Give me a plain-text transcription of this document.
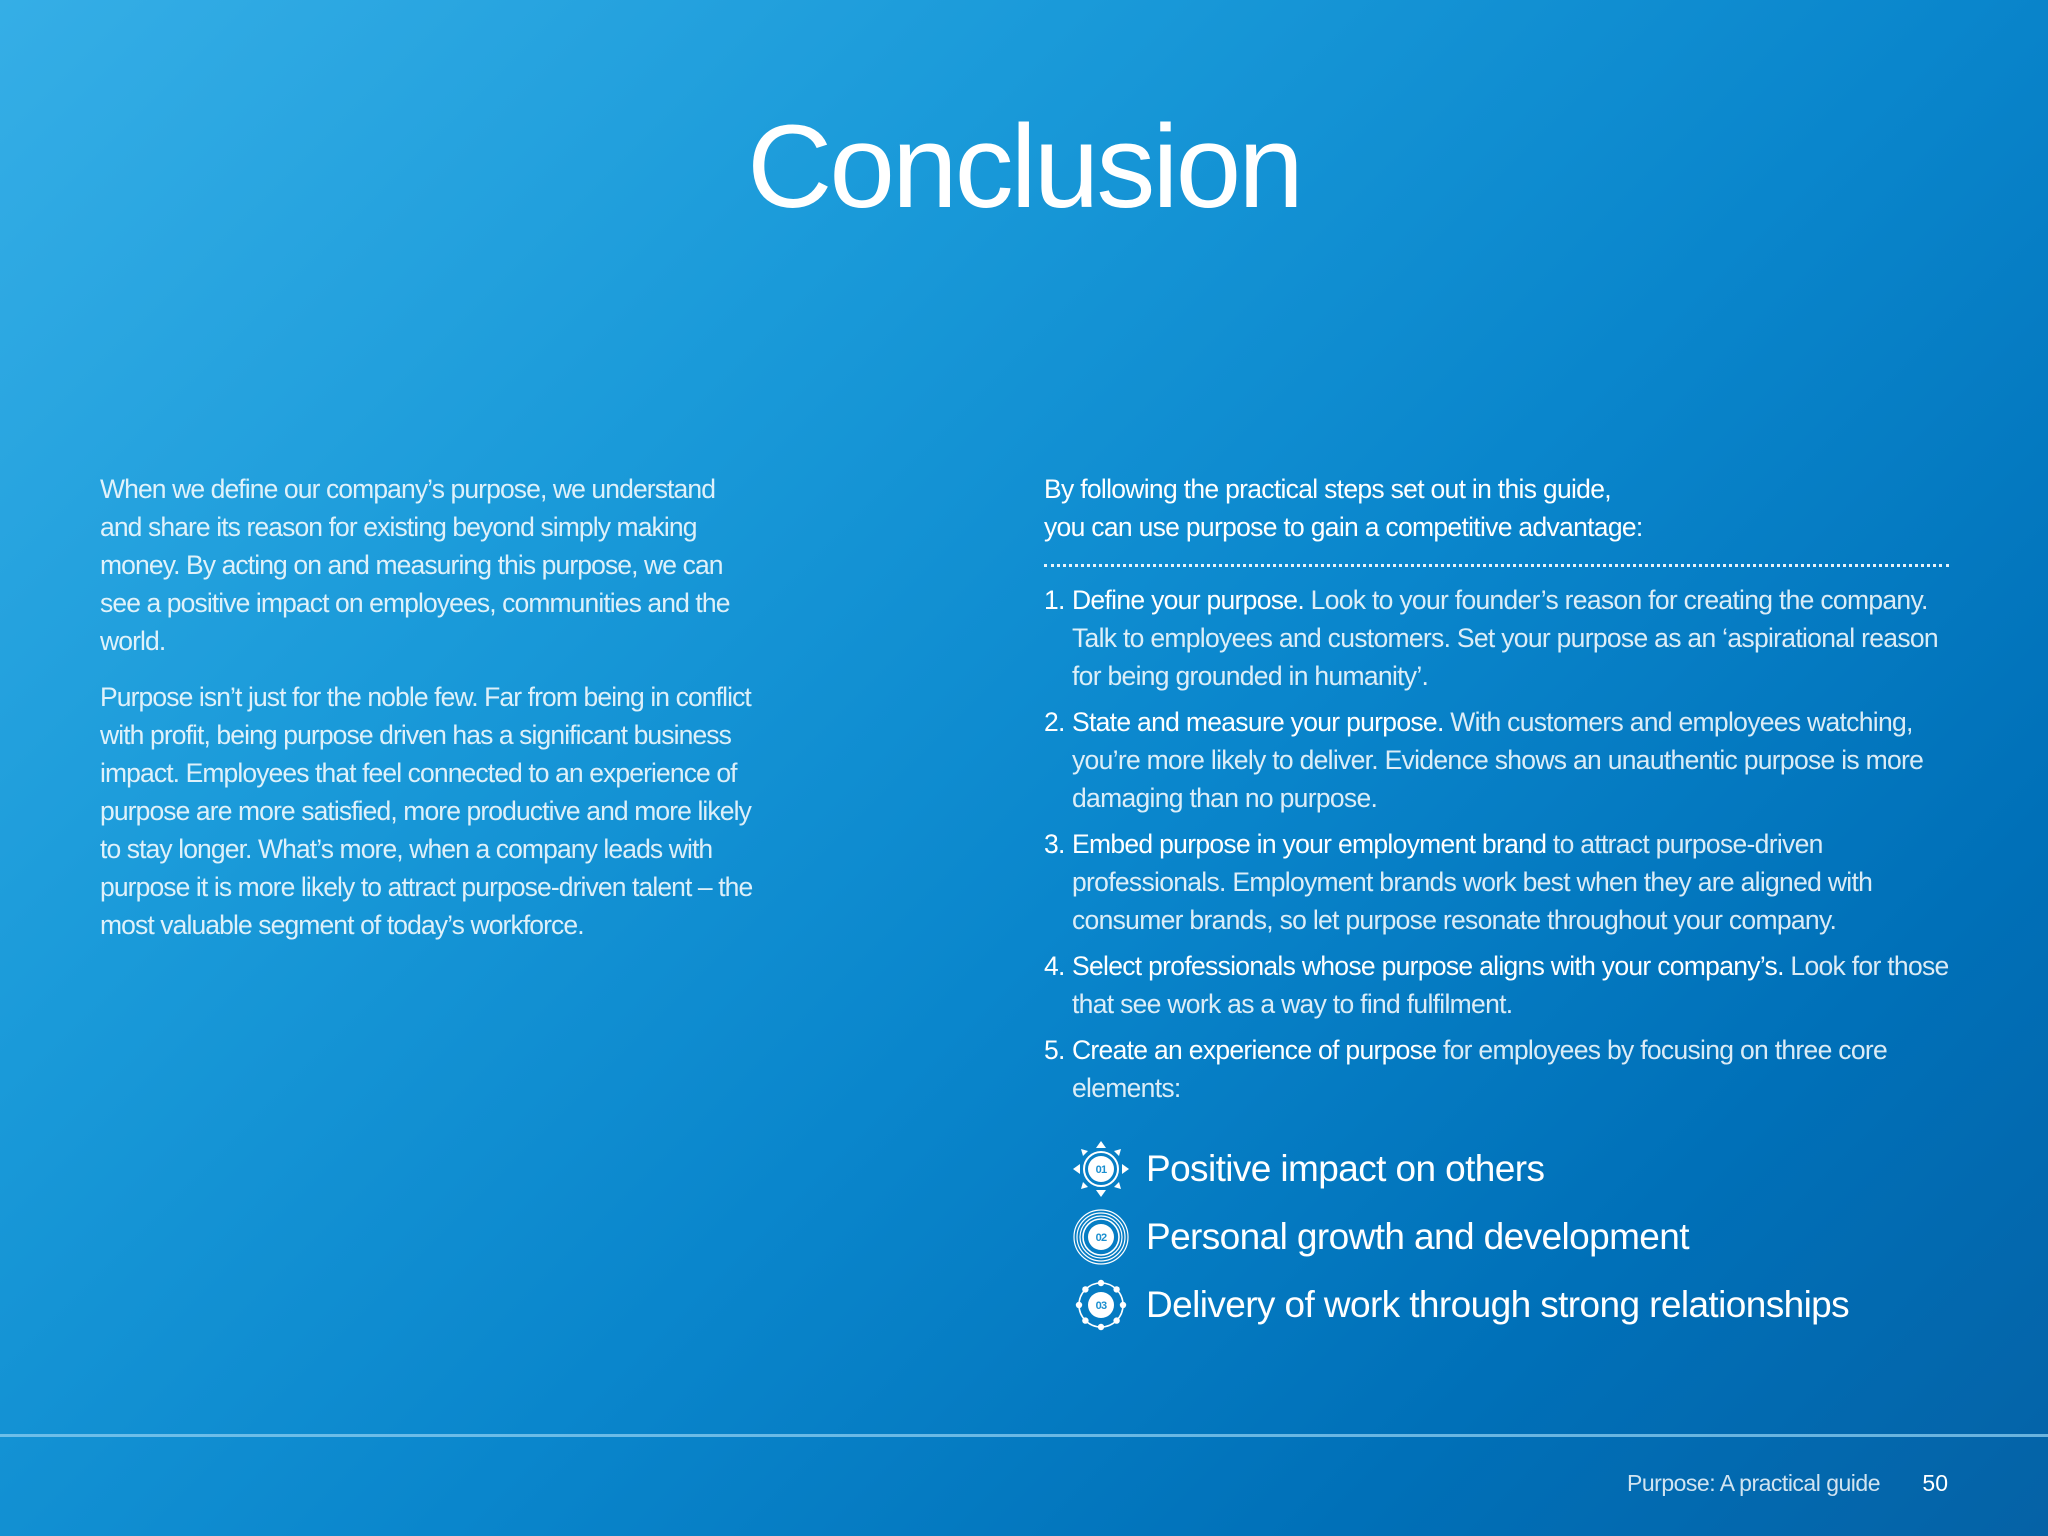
Conclusion

When we define our company’s purpose, we understand and share its reason for existing beyond simply making money. By acting on and measuring this purpose, we can see a positive impact on employees, communities and the world.

Purpose isn’t just for the noble few. Far from being in conflict with profit, being purpose driven has a significant business impact. Employees that feel connected to an experience of purpose are more satisfied, more productive and more likely to stay longer. What’s more, when a company leads with purpose it is more likely to attract purpose-driven talent – the most valuable segment of today’s workforce.

By following the practical steps set out in this guide,
you can use purpose to gain a competitive advantage:

1. Define your purpose. Look to your founder’s reason for creating the company. Talk to employees and customers. Set your purpose as an ‘aspirational reason for being grounded in humanity’.
2. State and measure your purpose. With customers and employees watching, you’re more likely to deliver. Evidence shows an unauthentic purpose is more damaging than no purpose.
3. Embed purpose in your employment brand to attract purpose-driven professionals. Employment brands work best when they are aligned with consumer brands, so let purpose resonate throughout your company.
4. Select professionals whose purpose aligns with your company’s. Look for those that see work as a way to find fulfilment.
5. Create an experience of purpose for employees by focusing on three core elements:
01 Positive impact on others
02 Personal growth and development
03 Delivery of work through strong relationships
Purpose: A practical guide 50
